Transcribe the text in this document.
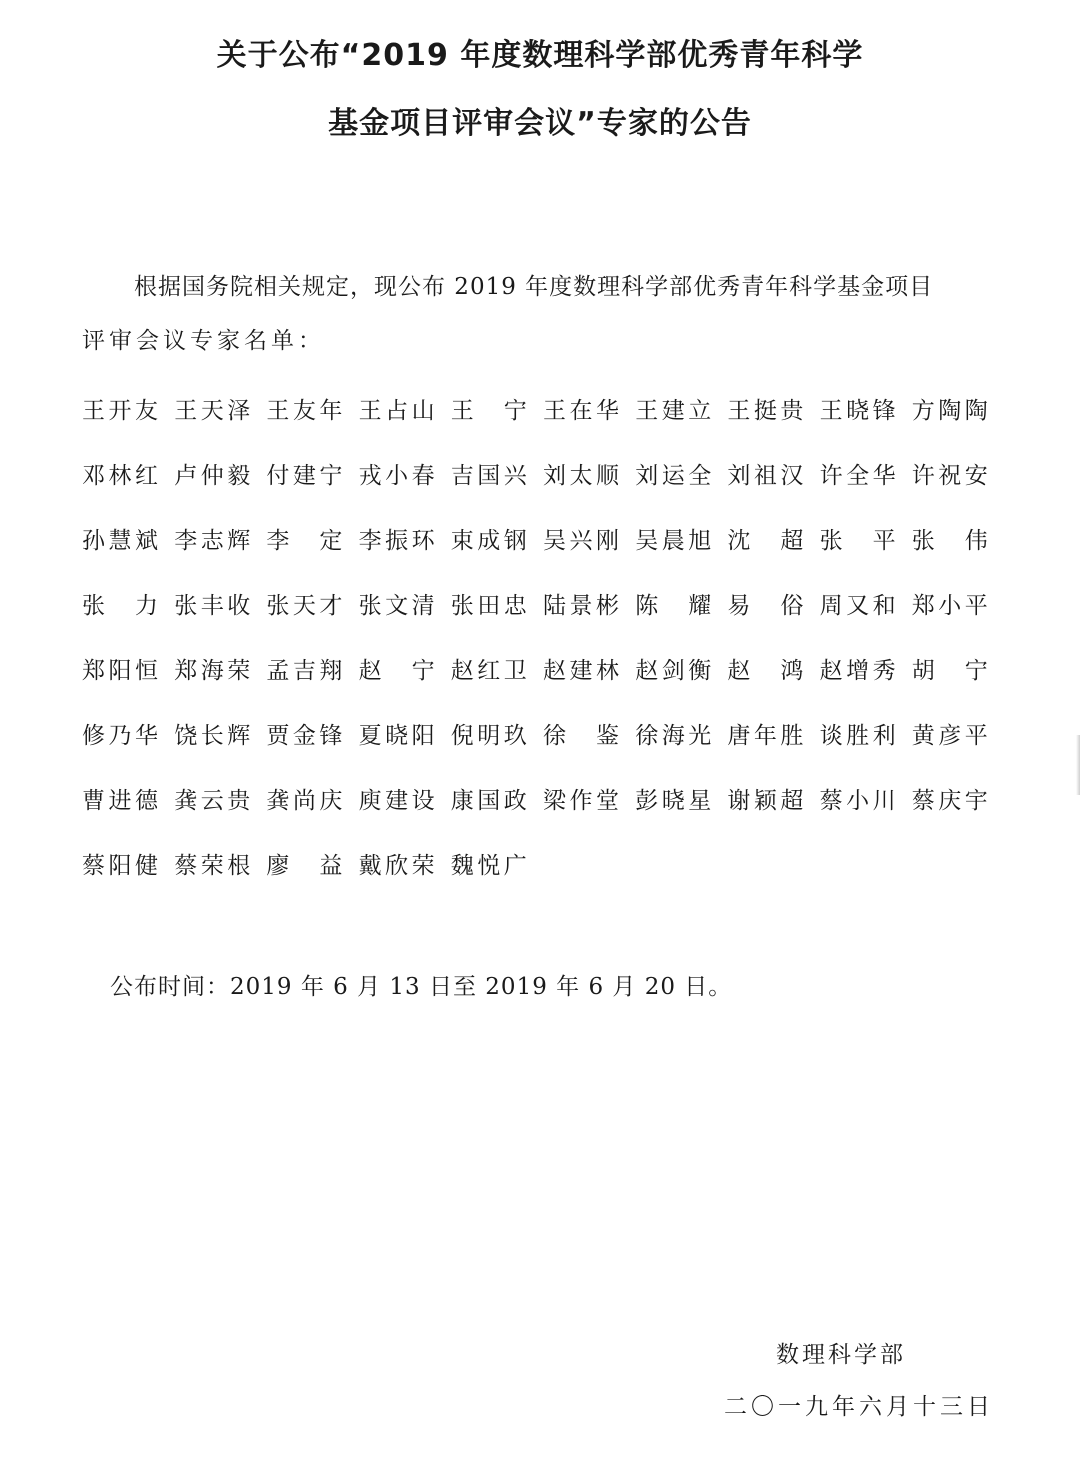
关于公布“2019 年度数理科学部优秀青年科学
基金项目评审会议”专家的公告
根据国务院相关规定，现公布 2019 年度数理科学部优秀青年科学基金项目
评审会议专家名单：
王 开 友 王 天 泽 王 友 年 王 占 山 王
　 宁 王 在 华 王 建 立 王 挺 贵 王 晓 锋 方 陶 陶
邓 林 红 卢 仲 毅 付 建 宁 戎 小 春 吉 国 兴 刘 太 顺 刘 运 全 刘 祖 汉 许 全 华 许 祝 安
孙 慧 斌 李 志 辉 李
　 定 李 振 环 束 成 钢 吴 兴 刚 吴 晨 旭 沈
　 超 张
　 平 张
　 伟
张
　 力 张 丰 收 张 天 才 张 文 清 张 田 忠 陆 景 彬 陈
　 耀 易
　 俗 周 又 和 郑 小 平
郑 阳 恒 郑 海 荣 孟 吉 翔 赵
　 宁 赵 红 卫 赵 建 林 赵 剑 衡 赵
　 鸿 赵 增 秀 胡
　 宁
修 乃 华 饶 长 辉 贾 金 锋 夏 晓 阳 倪 明 玖 徐
　 鉴 徐 海 光 唐 年 胜 谈 胜 利 黄 彦 平
曹 进 德 龚 云 贵 龚 尚 庆 庾 建 设 康 国 政 梁 作 堂 彭 晓 星 谢 颖 超 蔡 小 川 蔡 庆 宇
蔡 阳 健 蔡 荣 根 廖
　 益 戴 欣 荣 魏 悦 广
公布时间：2019 年 6 月 13 日至 2019 年 6 月 20 日。
数理科学部
二〇一九年六月十三日
